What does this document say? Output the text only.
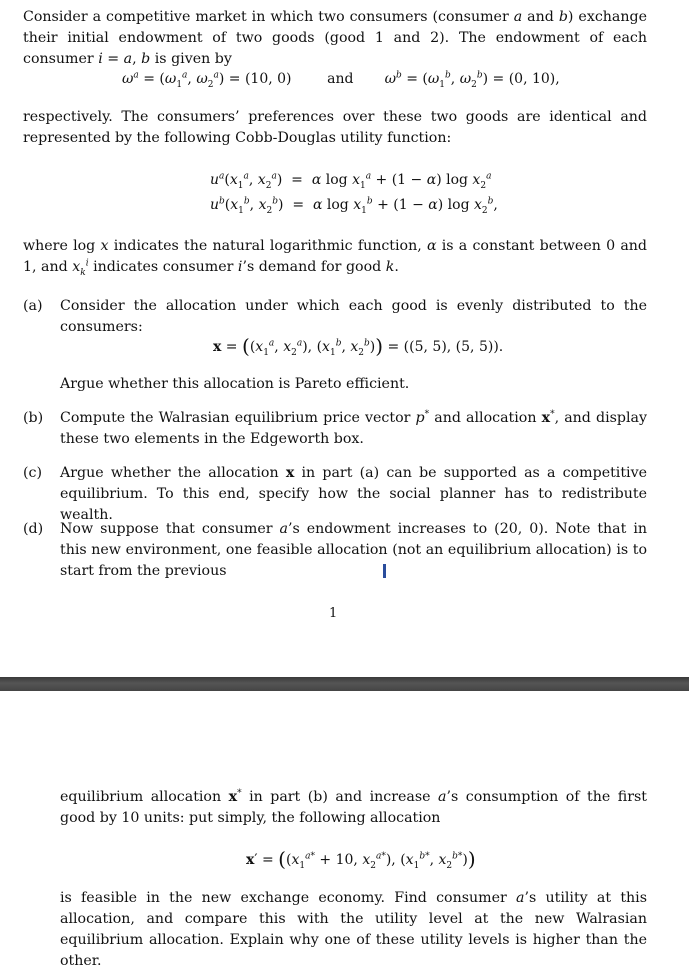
Consider a competitive market in which two consumers (consumer a and b) exchange their initial endowment of two goods (good 1 and 2). The endowment of each consumer i = a, b is given by
$\omega^a = (\omega_1^a$, $\omega_2^a) = (10$, 0)        and       $\omega^b = (\omega_1^b$, $\omega_2^b) = (0$, 10),
respectively. The consumers’ preferences over these two goods are identical and represented by the following Cobb-Douglas utility function:
$u^a(x_1^a$, $x_2^a) = \alpha$ $\log x_1^a + (1 - \alpha)$ $\log x_2^a$
$u^b(x_1^b$, $x_2^b) = \alpha$ $\log x_1^b + (1 - \alpha)$ $\log x_2^b$,
where log x indicates the natural logarithmic function, α is a constant between 0 and 1, and $x_k^i$ indicates consumer i’s demand for good k.
(a) Consider the allocation under which each good is evenly distributed to the consumers:
$x = ((x_1^a$, $x_2^a$), ($x_1^b$, $x_2^b)) = ((5$, 5), (5, 5)).
Argue whether this allocation is Pareto efficient.
(b) Compute the Walrasian equilibrium price vector p* and allocation x*, and display these two elements in the Edgeworth box.
(c) Argue whether the allocation x in part (a) can be supported as a competitive equilibrium. To this end, specify how the social planner has to redistribute wealth.
(d) Now suppose that consumer a’s endowment increases to (20, 0). Note that in this new environment, one feasible allocation (not an equilibrium allocation) is to start from the previous
1
equilibrium allocation x* in part (b) and increase a’s consumption of the first good by 10 units: put simply, the following allocation
$x' = ((x_1^{a*} + 10$, $x_2^{a*}$), ($x_1^{b*}$, $x_2^{b*}$))
is feasible in the new exchange economy. Find consumer a’s utility at this allocation, and compare this with the utility level at the new Walrasian equilibrium allocation. Explain why one of these utility levels is higher than the other.
